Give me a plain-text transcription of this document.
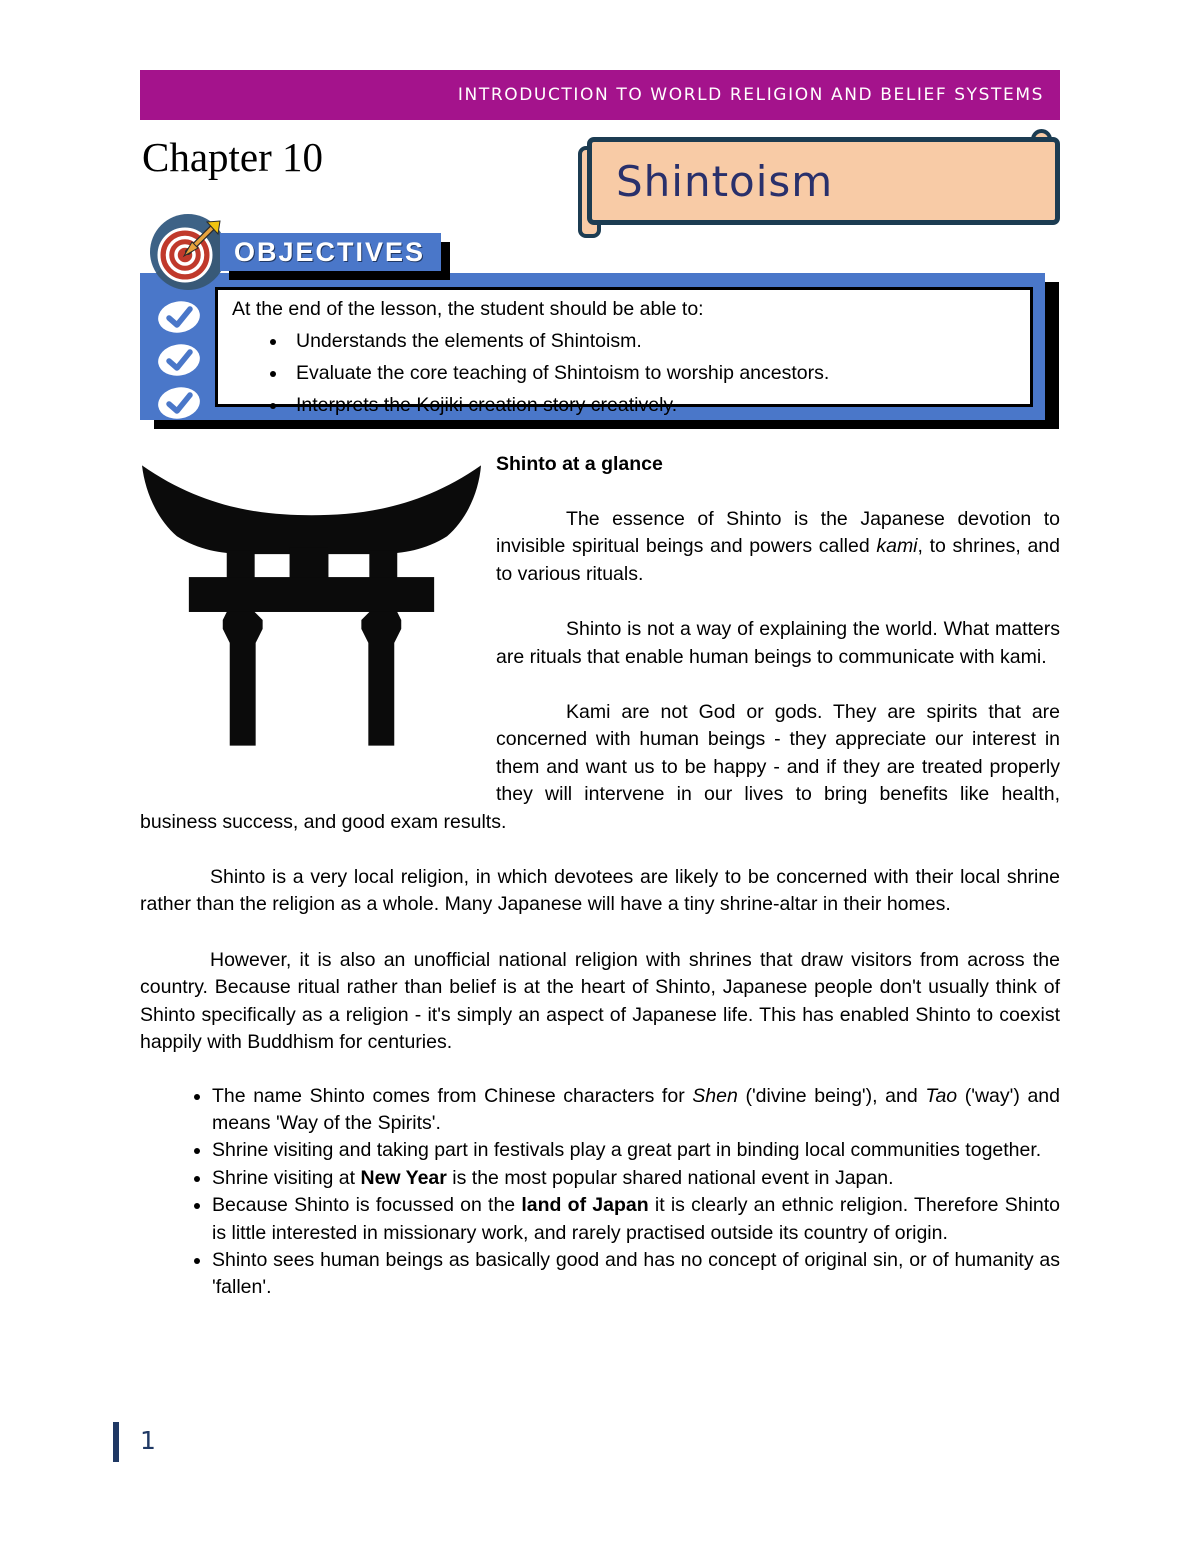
INTRODUCTION TO WORLD RELIGION AND BELIEF SYSTEMS
Chapter 10	Shintoism
OBJECTIVES
At the end of the lesson, the student should be able to:
• Understands the elements of Shintoism.
• Evaluate the core teaching of Shintoism to worship ancestors.
• Interprets the Kojiki creation story creatively.
Shinto at a glance

The essence of Shinto is the Japanese devotion to invisible spiritual beings and powers called kami, to shrines, and to various rituals.

Shinto is not a way of explaining the world. What matters are rituals that enable human beings to communicate with kami.

Kami are not God or gods. They are spirits that are concerned with human beings - they appreciate our interest in them and want us to be happy - and if they are treated properly they will intervene in our lives to bring benefits like health, business success, and good exam results.

Shinto is a very local religion, in which devotees are likely to be concerned with their local shrine rather than the religion as a whole. Many Japanese will have a tiny shrine-altar in their homes.

However, it is also an unofficial national religion with shrines that draw visitors from across the country. Because ritual rather than belief is at the heart of Shinto, Japanese people don't usually think of Shinto specifically as a religion - it's simply an aspect of Japanese life. This has enabled Shinto to coexist happily with Buddhism for centuries.

• The name Shinto comes from Chinese characters for Shen ('divine being'), and Tao ('way') and means 'Way of the Spirits'.
• Shrine visiting and taking part in festivals play a great part in binding local communities together.
• Shrine visiting at New Year is the most popular shared national event in Japan.
• Because Shinto is focussed on the land of Japan it is clearly an ethnic religion. Therefore Shinto is little interested in missionary work, and rarely practised outside its country of origin.
• Shinto sees human beings as basically good and has no concept of original sin, or of humanity as 'fallen'.
1
